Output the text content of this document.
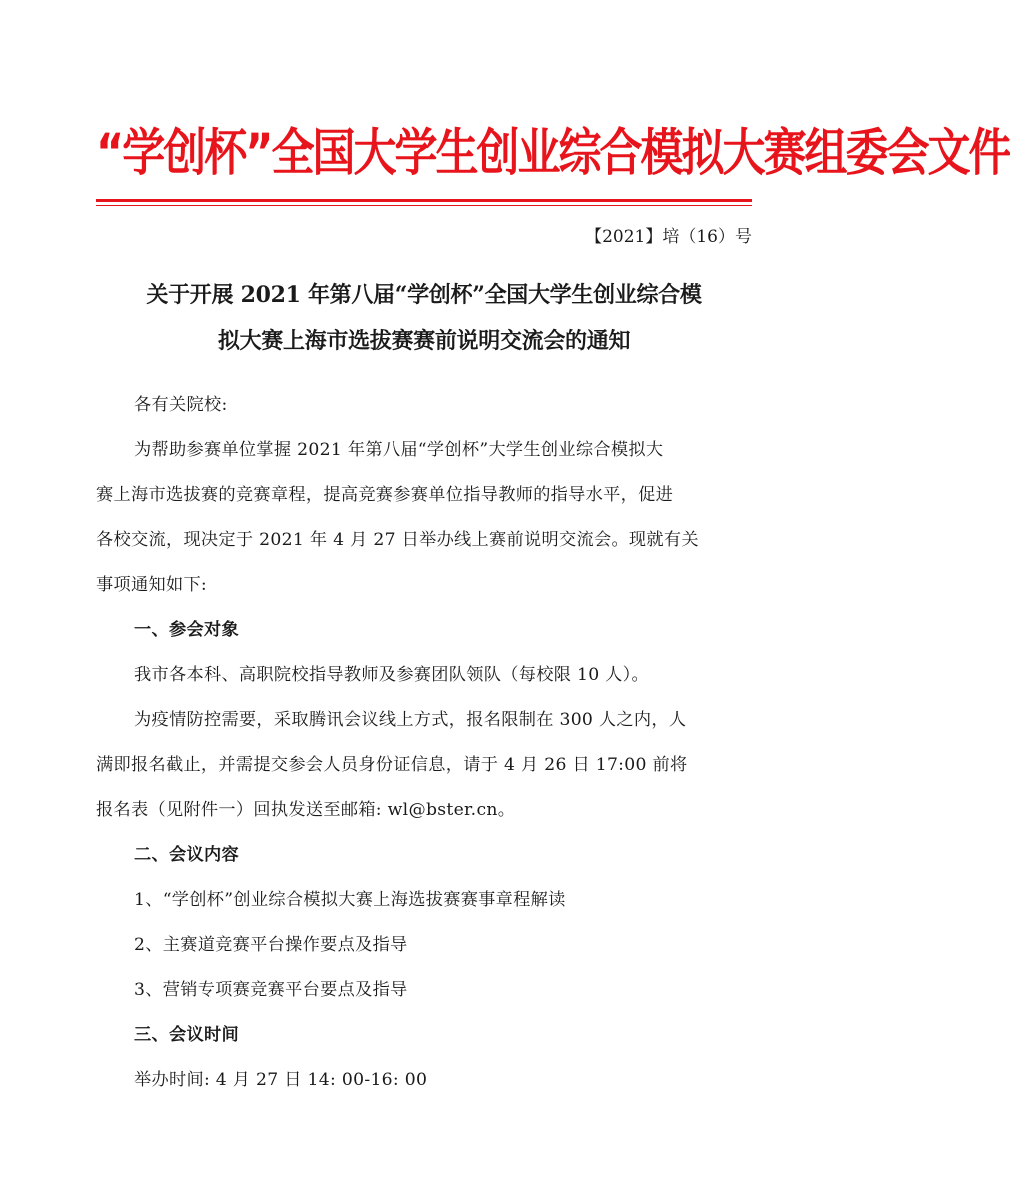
“学创杯”全国大学生创业综合模拟大赛组委会文件
【2021】培（16）号
关于开展 2021 年第八届“学创杯”全国大学生创业综合模
拟大赛上海市选拔赛赛前说明交流会的通知
各有关院校:
为帮助参赛单位掌握 2021 年第八届“学创杯”大学生创业综合模拟大
赛上海市选拔赛的竞赛章程，提高竞赛参赛单位指导教师的指导水平，促进
各校交流，现决定于 2021 年 4 月 27 日举办线上赛前说明交流会。现就有关
事项通知如下:
一、参会对象
我市各本科、高职院校指导教师及参赛团队领队（每校限 10 人）。
为疫情防控需要，采取腾讯会议线上方式，报名限制在 300 人之内，人
满即报名截止，并需提交参会人员身份证信息，请于 4 月 26 日 17:00 前将
报名表（见附件一）回执发送至邮箱: wl@bster.cn。
二、会议内容
1、“学创杯”创业综合模拟大赛上海选拔赛赛事章程解读
2、主赛道竞赛平台操作要点及指导
3、营销专项赛竞赛平台要点及指导
三、会议时间
举办时间: 4 月 27 日 14: 00-16: 00
